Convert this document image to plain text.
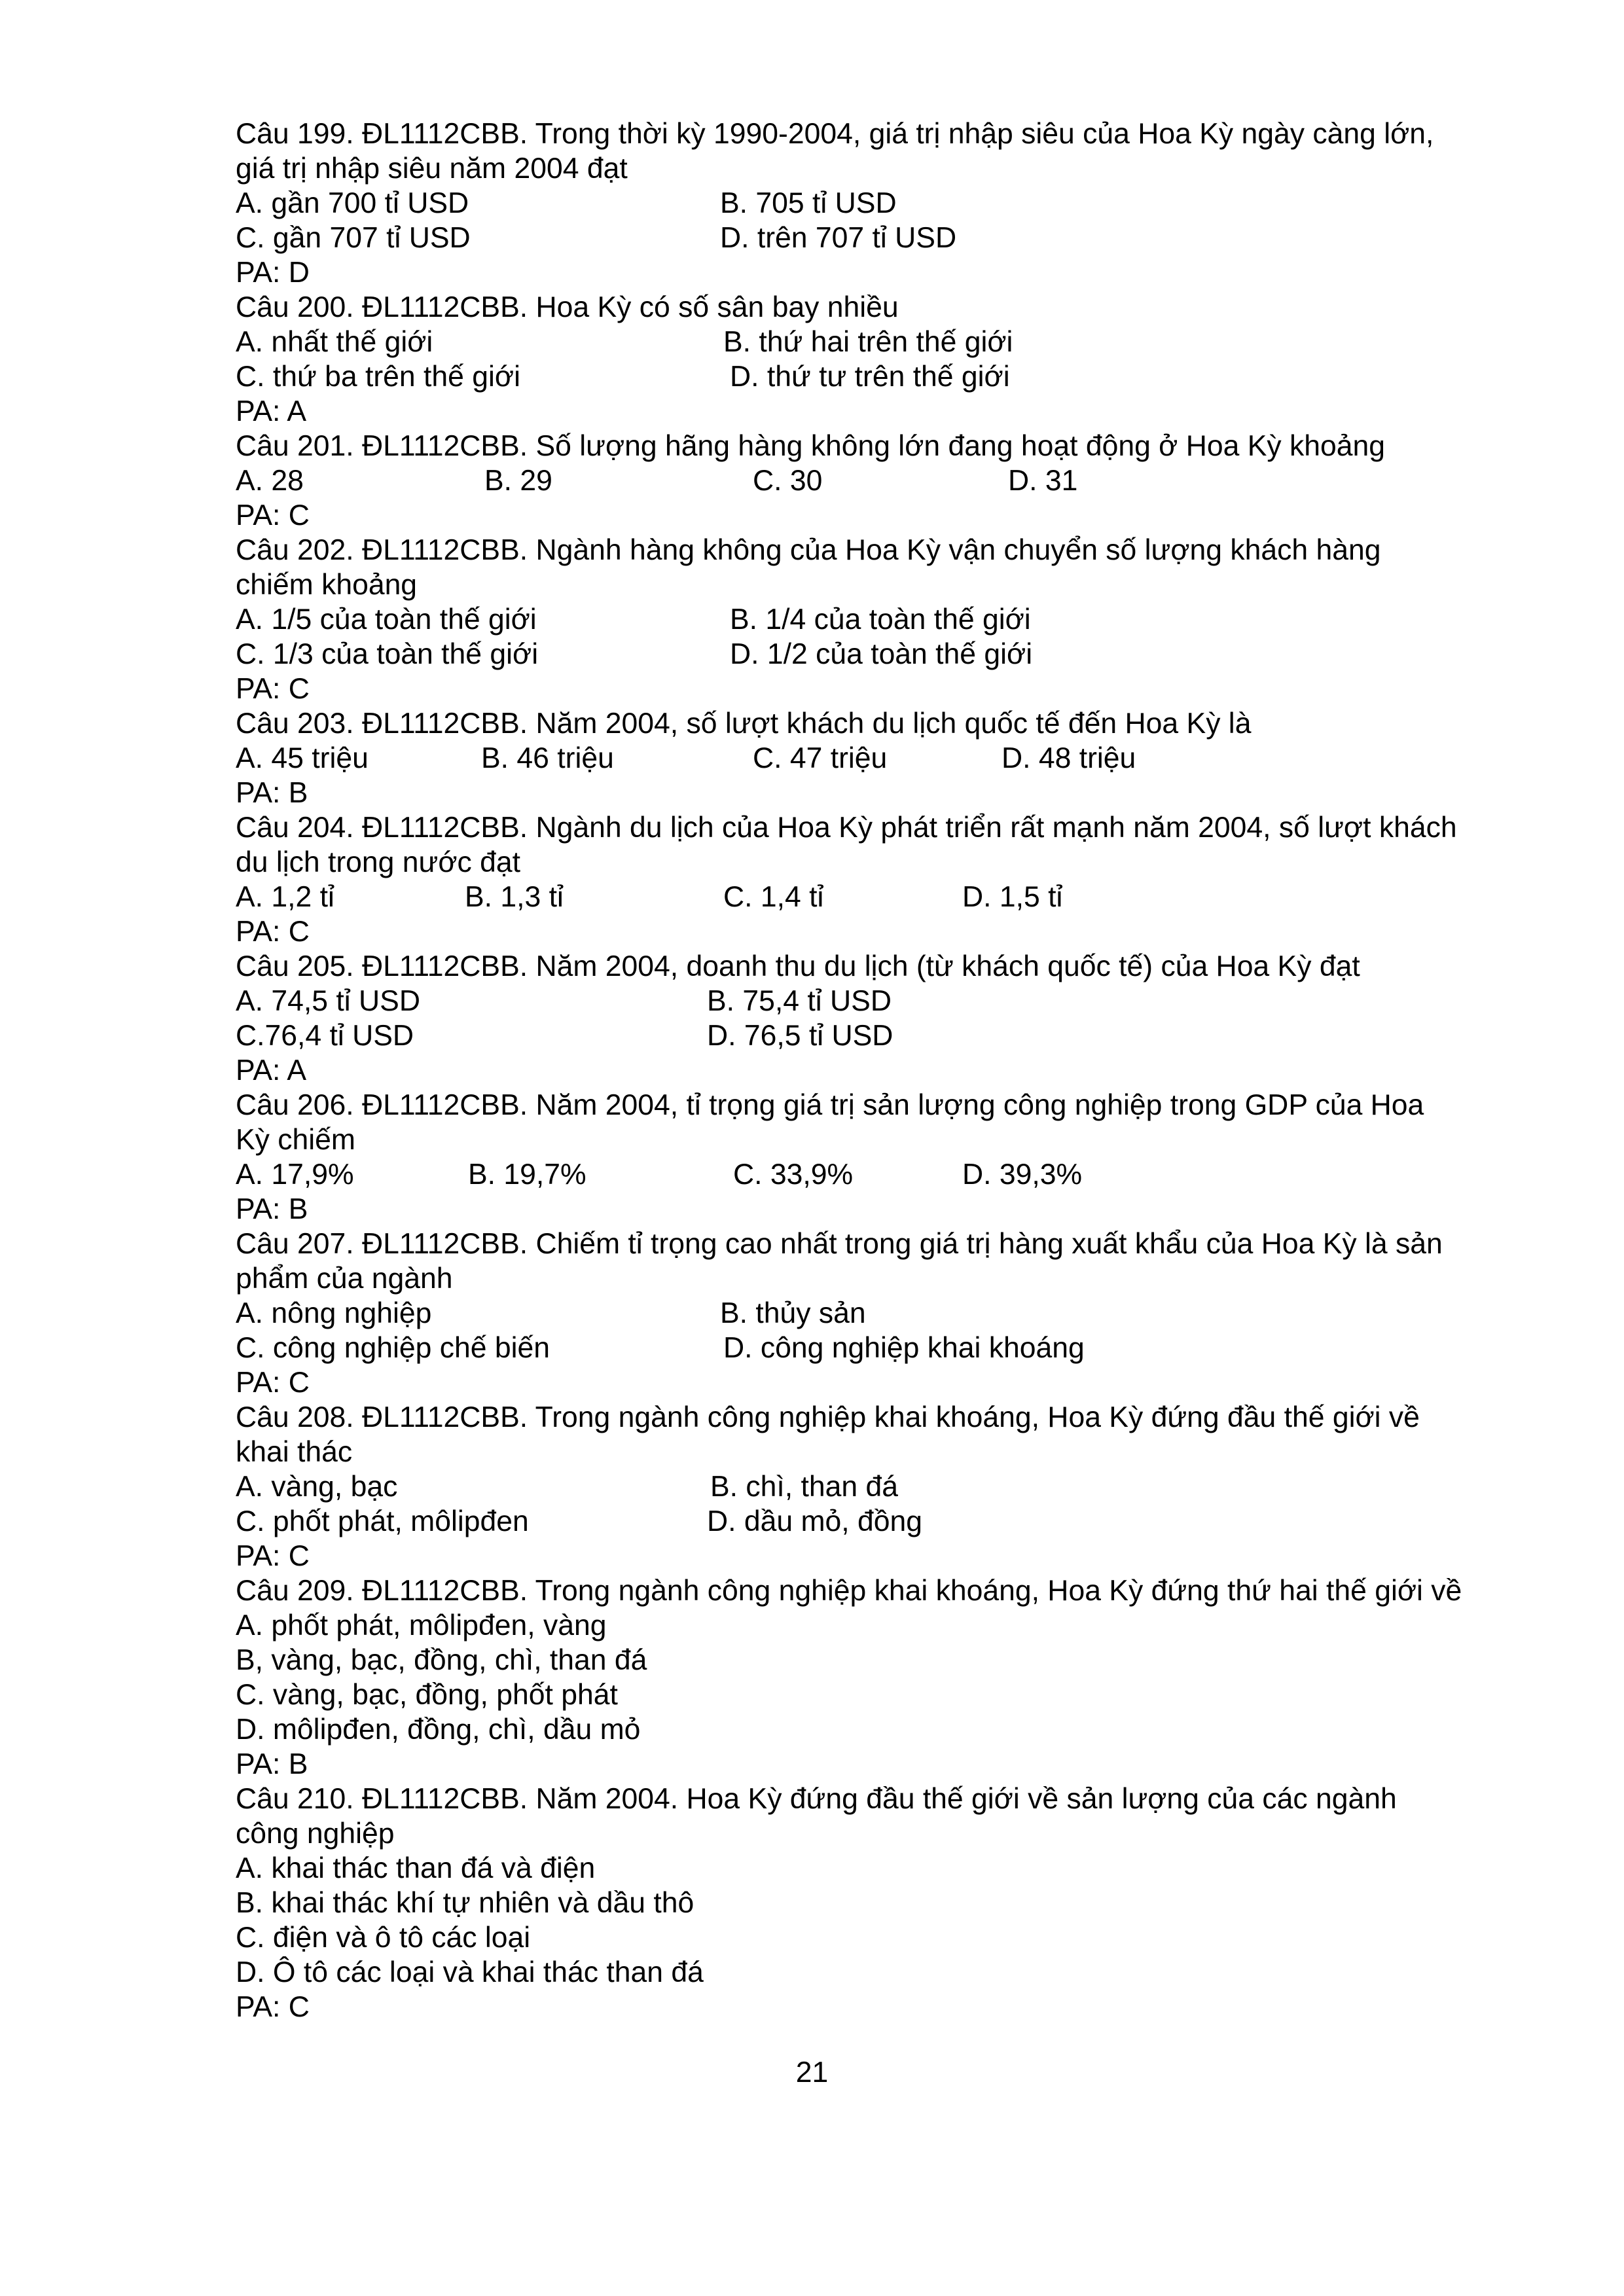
Câu 199. ĐL1112CBB. Trong thời kỳ 1990-2004, giá trị nhập siêu của Hoa Kỳ ngày càng lớn,
giá trị nhập siêu năm 2004 đạt
A. gần 700 tỉ USD	B. 705 tỉ USD
C. gần 707 tỉ USD	D. trên 707 tỉ USD
PA: D
Câu 200. ĐL1112CBB. Hoa Kỳ có số sân bay nhiều
A. nhất thế giới	B. thứ hai trên thế giới
C. thứ ba trên thế giới	D. thứ tư trên thế giới
PA: A
Câu 201. ĐL1112CBB. Số lượng hãng hàng không lớn đang hoạt động ở Hoa Kỳ khoảng
A. 28	B. 29	C. 30	D. 31
PA: C
Câu 202. ĐL1112CBB. Ngành hàng không của Hoa Kỳ vận chuyển số lượng khách hàng
chiếm khoảng
A. 1/5 của toàn thế giới	B. 1/4 của toàn thế giới
C. 1/3 của toàn thế giới	D. 1/2 của toàn thế giới
PA: C
Câu 203. ĐL1112CBB. Năm 2004, số lượt khách du lịch quốc tế đến Hoa Kỳ là
A. 45 triệu	B. 46 triệu	C. 47 triệu	D. 48 triệu
PA: B
Câu 204. ĐL1112CBB. Ngành du lịch của Hoa Kỳ phát triển rất mạnh năm 2004, số lượt khách
du lịch trong nước đạt
A. 1,2 tỉ	B. 1,3 tỉ	C. 1,4 tỉ	D. 1,5 tỉ
PA: C
Câu 205. ĐL1112CBB. Năm 2004, doanh thu du lịch (từ khách quốc tế) của Hoa Kỳ đạt
A. 74,5 tỉ USD	B. 75,4 tỉ USD
C.76,4 tỉ USD	D. 76,5 tỉ USD
PA: A
Câu 206. ĐL1112CBB. Năm 2004, tỉ trọng giá trị sản lượng công nghiệp trong GDP của Hoa
Kỳ chiếm
A. 17,9%	B. 19,7%	C. 33,9%	D. 39,3%
PA: B
Câu 207. ĐL1112CBB. Chiếm tỉ trọng cao nhất trong giá trị hàng xuất khẩu của Hoa Kỳ là sản
phẩm của ngành
A. nông nghiệp	B. thủy sản
C. công nghiệp chế biến	D. công nghiệp khai khoáng
PA: C
Câu 208. ĐL1112CBB. Trong ngành công nghiệp khai khoáng, Hoa Kỳ đứng đầu thế giới về
khai thác
A. vàng, bạc	B. chì, than đá
C. phốt phát, môlipđen	D. dầu mỏ, đồng
PA: C
Câu 209. ĐL1112CBB. Trong ngành công nghiệp khai khoáng, Hoa Kỳ đứng thứ hai thế giới về
A. phốt phát, môlipđen, vàng
B, vàng, bạc, đồng, chì, than đá
C. vàng, bạc, đồng, phốt phát
D. môlipđen, đồng, chì, dầu mỏ
PA: B
Câu 210. ĐL1112CBB. Năm 2004. Hoa Kỳ đứng đầu thế giới về sản lượng của các ngành
công nghiệp
A. khai thác than đá và điện
B. khai thác khí tự nhiên và dầu thô
C. điện và ô tô các loại
D. Ô tô các loại và khai thác than đá
PA: C
21
